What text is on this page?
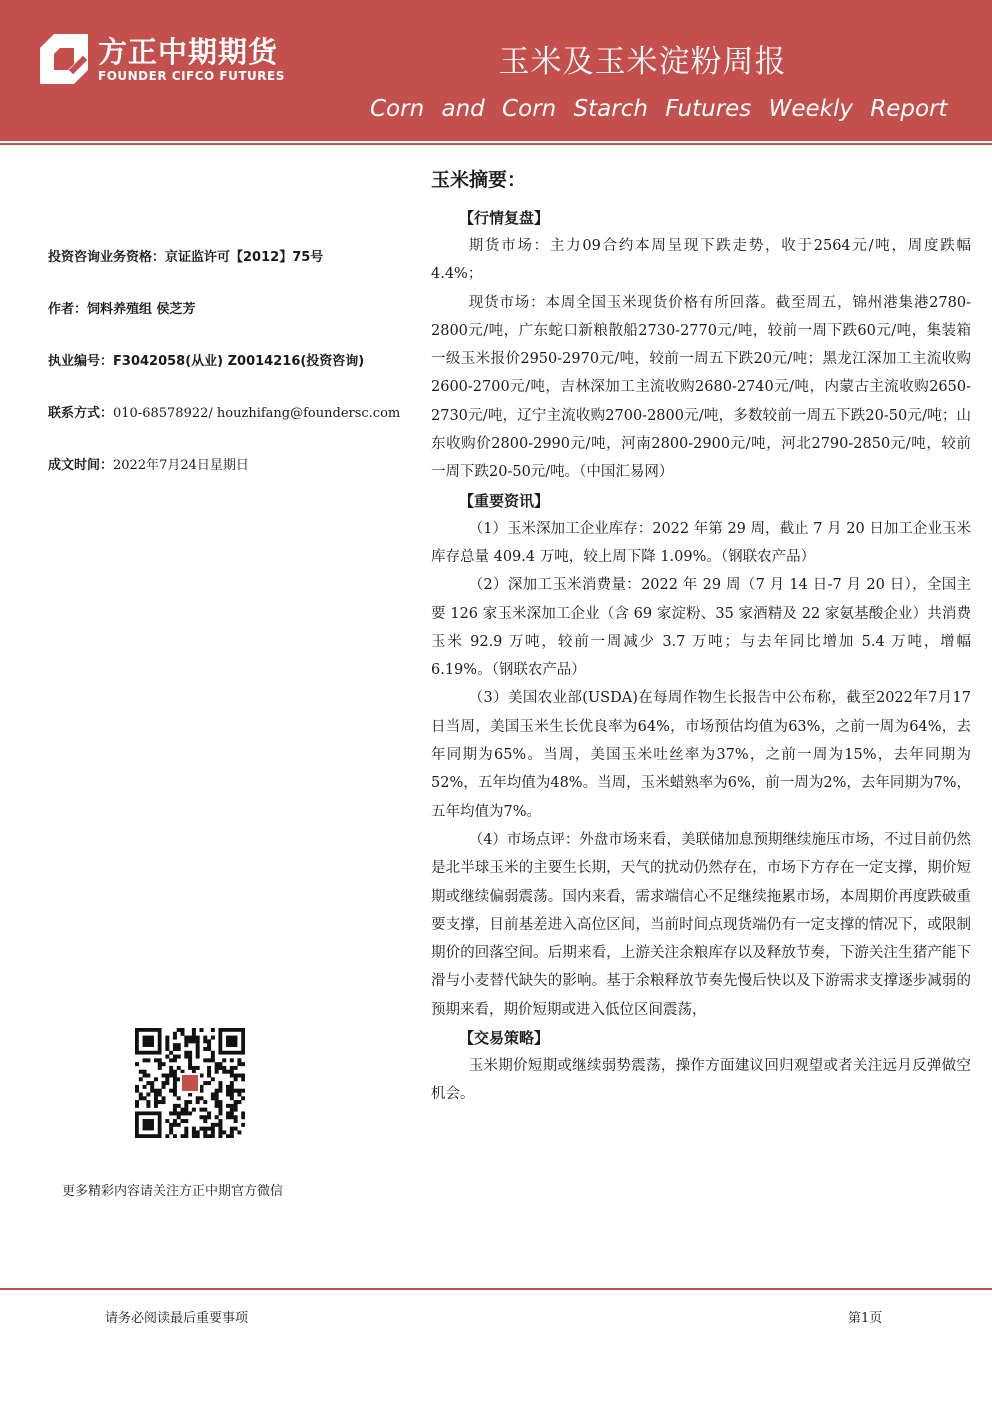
方正中期期货
FOUNDER CIFCO FUTURES	玉米及玉米淀粉周报
Corn and Corn Starch Futures Weekly Report
投资咨询业务资格：京证监许可【2012】75号
作者：饲料养殖组 侯芝芳
执业编号：F3042058(从业) Z0014216(投资咨询)
联系方式：010-68578922/ houzhifang@foundersc.com
成文时间：2022年7月24日星期日
更多精彩内容请关注方正中期官方微信
玉米摘要：
【行情复盘】

期货市场：主力09合约本周呈现下跌走势，收于2564元/吨，周度跌幅4.4%；

现货市场：本周全国玉米现货价格有所回落。截至周五，锦州港集港2780-2800元/吨，广东蛇口新粮散船2730-2770元/吨，较前一周下跌60元/吨，集装箱一级玉米报价2950-2970元/吨，较前一周五下跌20元/吨；黑龙江深加工主流收购2600-2700元/吨，吉林深加工主流收购2680-2740元/吨，内蒙古主流收购2650-2730元/吨，辽宁主流收购2700-2800元/吨，多数较前一周五下跌20-50元/吨；山东收购价2800-2990元/吨，河南2800-2900元/吨，河北2790-2850元/吨，较前一周下跌20-50元/吨。（中国汇易网）

【重要资讯】

（1）玉米深加工企业库存：2022 年第 29 周，截止 7 月 20 日加工企业玉米库存总量 409.4 万吨，较上周下降 1.09%。（钢联农产品）

（2）深加工玉米消费量：2022 年 29 周（7 月 14 日-7 月 20 日），全国主要 126 家玉米深加工企业（含 69 家淀粉、35 家酒精及 22 家氨基酸企业）共消费玉米 92.9 万吨，较前一周减少 3.7 万吨；与去年同比增加 5.4 万吨，增幅 6.19%。（钢联农产品）

（3）美国农业部(USDA)在每周作物生长报告中公布称，截至2022年7月17日当周，美国玉米生长优良率为64%，市场预估均值为63%，之前一周为64%，去年同期为65%。当周，美国玉米吐丝率为37%，之前一周为15%，去年同期为52%，五年均值为48%。当周，玉米蜡熟率为6%，前一周为2%，去年同期为7%，五年均值为7%。

（4）市场点评：外盘市场来看，美联储加息预期继续施压市场，不过目前仍然是北半球玉米的主要生长期，天气的扰动仍然存在，市场下方存在一定支撑，期价短期或继续偏弱震荡。国内来看，需求端信心不足继续拖累市场，本周期价再度跌破重要支撑，目前基差进入高位区间，当前时间点现货端仍有一定支撑的情况下，或限制期价的回落空间。后期来看，上游关注余粮库存以及释放节奏，下游关注生猪产能下滑与小麦替代缺失的影响。基于余粮释放节奏先慢后快以及下游需求支撑逐步减弱的预期来看，期价短期或进入低位区间震荡，

【交易策略】

玉米期价短期或继续弱势震荡，操作方面建议回归观望或者关注远月反弹做空机会。

请务必阅读最后重要事项	第1页
